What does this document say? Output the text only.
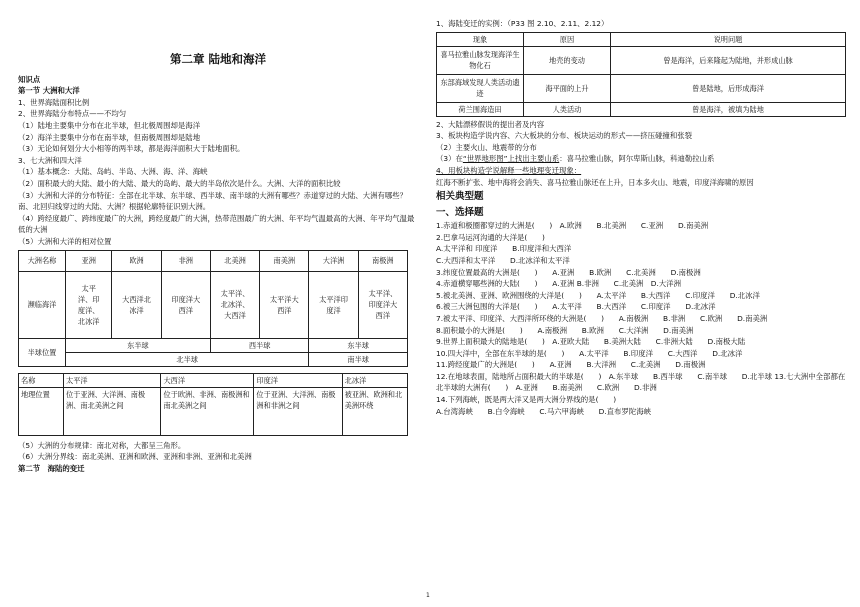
第二章 陆地和海洋

知识点

第一节 大洲和大洋

1、世界海陆面积比例

2、世界海陆分布特点——不均匀

（1）陆地主要集中分布在北半球，但北极周围却是海洋

（2）海洋主要集中分布在南半球，但南极周围却是陆地

（3）无论如何划分大小相等的两半球，都是海洋面积大于陆地面积。

3、七大洲和四大洋

（1）基本概念：大陆、岛屿、半岛、大洲、海、洋、海峡

（2）面积最大的大陆、最小的大陆、最大的岛屿、最大的半岛依次是什么。大洲、大洋的面积比较

（3）大洲和大洋的分布特征：全部在北半球、东半球、西半球、南半球的大洲有哪些？赤道穿过的大陆、大洲有哪些？南、北回归线穿过的大陆、大洲？根据轮廓特征识别大洲。

（4）跨经度最广、跨纬度最广的大洲，跨经度最广的大洲，热带范围最广的大洲、年平均气温最高的大洲、年平均气温最低的大洲

（5）大洲和大洋的相对位置

大洲名称	亚洲	欧洲	非洲	北美洲	南美洲	大洋洲	南极洲
濒临海洋	太平洋、印度洋、北冰洋	大西洋北冰洋	印度洋大西洋	太平洋、北冰洋、大西洋	太平洋大西洋	太平洋印度洋	太平洋、印度洋大西洋
半球位置	东半球			西半球		东半球	
	北半球					南半球	
名称	太平洋	大西洋	印度洋	北冰洋
地理位置	位于亚洲、大洋洲、南极洲、南北美洲之间	位于欧洲、非洲、南极洲和南北美洲之间	位于亚洲、大洋洲、南极洲和非洲之间	被亚洲、欧洲和北美洲环绕

（5）大洲的分布规律：南北对称，大都呈三角形。

（6）大洲分界线：南北美洲、亚洲和欧洲、亚洲和非洲、亚洲和北美洲

第二节　海陆的变迁

1、海陆变迁的实例：（P33 图 2.10、2.11、2.12）

现象	原因	说明问题
喜马拉雅山脉发现海洋生物化石	地壳的变动	曾是海洋，后来隆起为陆地，并形成山脉
东部海域发现人类活动遗迹	海平面的上升	曾是陆地，后形成海洋
荷兰围海造田	人类活动	曾是海洋，被填为陆地

2、大陆漂移假说的提出者及内容

3、板块构造学说内容、六大板块的分布、板块运动的形式——挤压碰撞和张裂

（2）主要火山、地震带的分布

（3）在“世界地形图”上找出主要山系：喜马拉雅山脉，阿尔卑斯山脉，科迪勒拉山系

4、用板块构造学说解释一些地理变迁现象：

红海不断扩张、地中海将会消失、喜马拉雅山脉还在上升，日本多火山、地震，印度洋海啸的原因

相关典型题

一、选择题

1.赤道和极圈都穿过的大洲是(　　)　A.欧洲　　B.北美洲　　C.亚洲　　D.南美洲

2.巴拿马运河沟通的大洋是(　　)

A.太平洋和 印度洋　　B.印度洋和大西洋

C.大西洋和太平洋　　D.北冰洋和太平洋

3.纬度位置最高的大洲是(　　)　　A.亚洲　　B.欧洲　　C.北美洲　　D.南极洲

4.赤道横穿哪些洲的大陆(　　)　　A.亚洲 B.非洲　　C.北美洲　D.大洋洲

5.被北美洲、亚洲、欧洲围绕的大洋是(　　)　　A.太平洋　　B.大西洋　　C.印度洋　　D.北冰洋

6.被三大洲包围的大洋是(　　)　　A.太平洋　　B.大西洋　　C.印度洋　　D.北冰洋

7.被太平洋、印度洋、大西洋所环绕的大洲是(　　)　　A.南极洲　　B.非洲　　C.欧洲　　D.南美洲

8.面积最小的大洲是(　　)　　A.南极洲　　B.欧洲　　C.大洋洲　　D.南美洲

9.世界上面积最大的陆地是(　　)　A.亚欧大陆　　B.美洲大陆　　C.非洲大陆　　D.南极大陆

10.四大洋中，全部在东半球的是(　　)　　A.太平洋　　B.印度洋　　C.大西洋　　D.北冰洋

11.跨经度最广的大洲是(　　)　　A.亚洲　　B.大洋洲　　C.北美洲　　D.南极洲

12.在地球表面，陆地所占面积最大的半球是(　　)　A.东半球　　B.西半球　　C.南半球　　D.北半球 13.七大洲中全部都在北半球的大洲有(　　)　A.亚洲　　B.南美洲　　C.欧洲　　D.非洲

14.下列海峡，既是两大洋又是两大洲分界线的是(　　)

A.台湾海峡　　B.白令海峡　　C.马六甲海峡　　D.直布罗陀海峡

1
